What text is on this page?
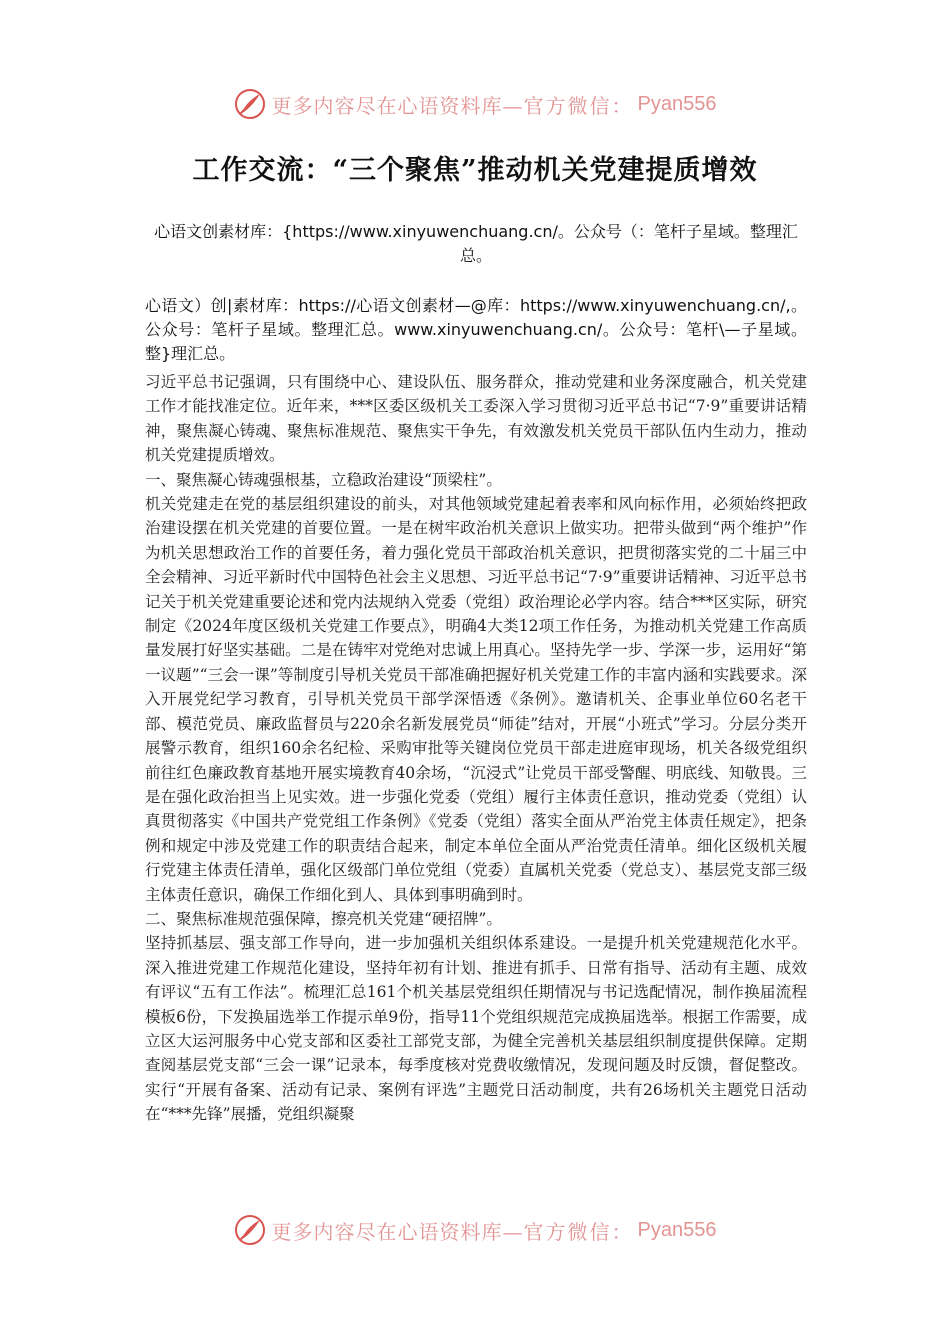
更多内容尽在心语资料库— 官方微信： Pyan556
工作交流：“三个聚焦”推动机关党建提质增效
心语文创素材库：{https://www.xinyuwenchuang.cn/。公众号（：笔杆子星域。整理汇总。
心语文）创|素材库：https://心语文创素材—@库：https://www.xinyuwenchuang.cn/,。公众号：笔杆子星域。整理汇总。www.xinyuwenchuang.cn/。公众号：笔杆\—子星域。整}理汇总。

习近平总书记强调，只有围绕中心、建设队伍、服务群众，推动党建和业务深度融合，机关党建工作才能找准定位。近年来，***区委区级机关工委深入学习贯彻习近平总书记“7·9”重要讲话精神，聚焦凝心铸魂、聚焦标准规范、聚焦实干争先，有效激发机关党员干部队伍内生动力，推动机关党建提质增效。

一、聚焦凝心铸魂强根基，立稳政治建设“顶梁柱”。

机关党建走在党的基层组织建设的前头，对其他领域党建起着表率和风向标作用，必须始终把政治建设摆在机关党建的首要位置。一是在树牢政治机关意识上做实功。把带头做到“两个维护”作为机关思想政治工作的首要任务，着力强化党员干部政治机关意识，把贯彻落实党的二十届三中全会精神、习近平新时代中国特色社会主义思想、习近平总书记“7·9”重要讲话精神、习近平总书记关于机关党建重要论述和党内法规纳入党委（党组）政治理论必学内容。结合***区实际，研究制定《2024年度区级机关党建工作要点》，明确4大类12项工作任务，为推动机关党建工作高质量发展打好坚实基础。二是在铸牢对党绝对忠诚上用真心。坚持先学一步、学深一步，运用好“第一议题”“三会一课”等制度引导机关党员干部准确把握好机关党建工作的丰富内涵和实践要求。深入开展党纪学习教育，引导机关党员干部学深悟透《条例》。邀请机关、企事业单位60名老干部、模范党员、廉政监督员与220余名新发展党员“师徒”结对，开展“小班式”学习。分层分类开展警示教育，组织160余名纪检、采购审批等关键岗位党员干部走进庭审现场，机关各级党组织前往红色廉政教育基地开展实境教育40余场，“沉浸式”让党员干部受警醒、明底线、知敬畏。三是在强化政治担当上见实效。进一步强化党委（党组）履行主体责任意识，推动党委（党组）认真贯彻落实《中国共产党党组工作条例》《党委（党组）落实全面从严治党主体责任规定》，把条例和规定中涉及党建工作的职责结合起来，制定本单位全面从严治党责任清单。细化区级机关履行党建主体责任清单，强化区级部门单位党组（党委）直属机关党委（党总支）、基层党支部三级主体责任意识，确保工作细化到人、具体到事明确到时。

二、聚焦标准规范强保障，擦亮机关党建“硬招牌”。

坚持抓基层、强支部工作导向，进一步加强机关组织体系建设。一是提升机关党建规范化水平。深入推进党建工作规范化建设，坚持年初有计划、推进有抓手、日常有指导、活动有主题、成效有评议“五有工作法”。梳理汇总161个机关基层党组织任期情况与书记选配情况，制作换届流程模板6份，下发换届选举工作提示单9份，指导11个党组织规范完成换届选举。根据工作需要，成立区大运河服务中心党支部和区委社工部党支部，为健全完善机关基层组织制度提供保障。定期查阅基层党支部“三会一课”记录本，每季度核对党费收缴情况，发现问题及时反馈，督促整改。实行“开展有备案、活动有记录、案例有评选”主题党日活动制度，共有26场机关主题党日活动在“***先锋”展播，党组织凝聚

更多内容尽在心语资料库— 官方微信： Pyan556
